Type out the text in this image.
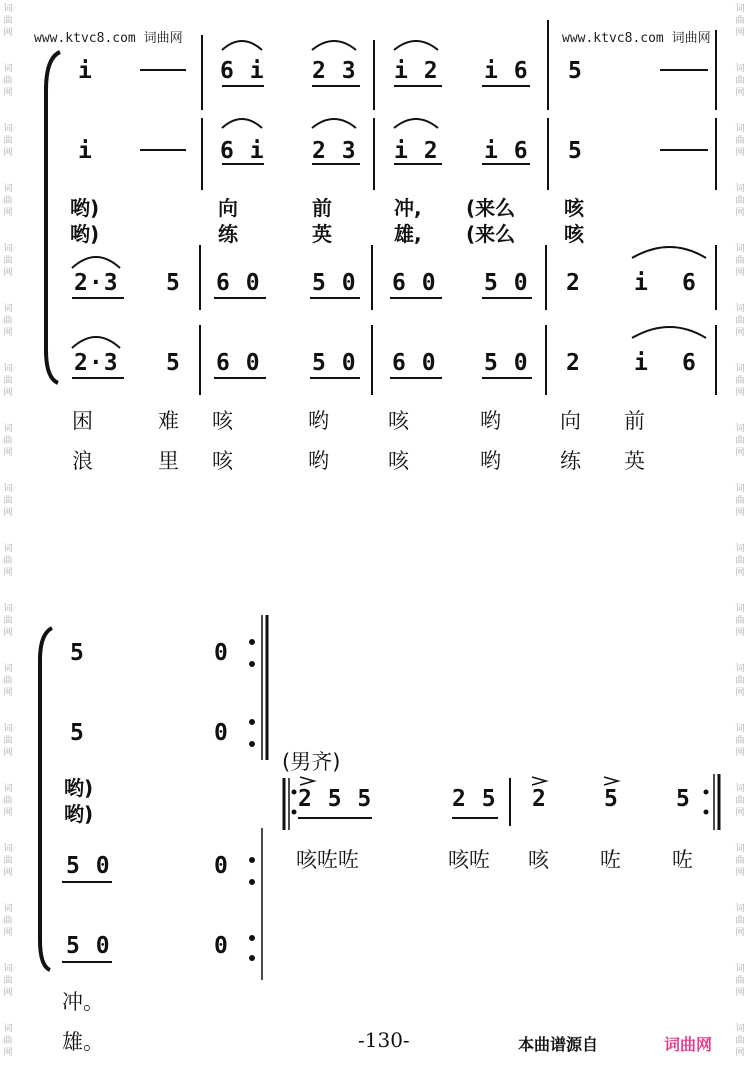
www.ktvc8.com 词曲网	www.ktvc8.com 词曲网
词
曲
网
词
曲
网
词
曲
网
词
曲
网
词
曲
网
词
曲
网
词
曲
网
词
曲
网
词
曲
网
词
曲
网
词
曲
网
词
曲
网
词
曲
网
词
曲
网
词
曲
网
词
曲
网
词
曲
网
词
曲
网
词
曲
网
词
曲
网
词
曲
网
词
曲
网
词
曲
网
词
曲
网
词
曲
网
词
曲
网
词
曲
网
词
曲
网
词
曲
网
词
曲
网
词
曲
网
词
曲
网
词
曲
网
词
曲
网
词
曲
网
词
曲
网
i	6 i 2 3 i 2 i 6 5
i	6 i 2 3 i 2 i 6 5
哟)	向	前	冲, (来么 咳
哟)	练	英	雄, (来么 咳
2·3 5 6 0 5 0 6 0 5 0 2 i 6
2·3 5 6 0 5 0 6 0 5 0 2 i 6
困	难 咳	哟	咳	哟	向 前
浪	里 咳	哟	咳	哟	练 英
5	0
5	0
哟)
哟)
(男齐)
2 5 5	2 5 2 5 5
咳咗咗	咳咗 咳 咗 咗
5 0	0
5 0	0
冲。
雄。	-130-	本曲谱源自	词曲网
